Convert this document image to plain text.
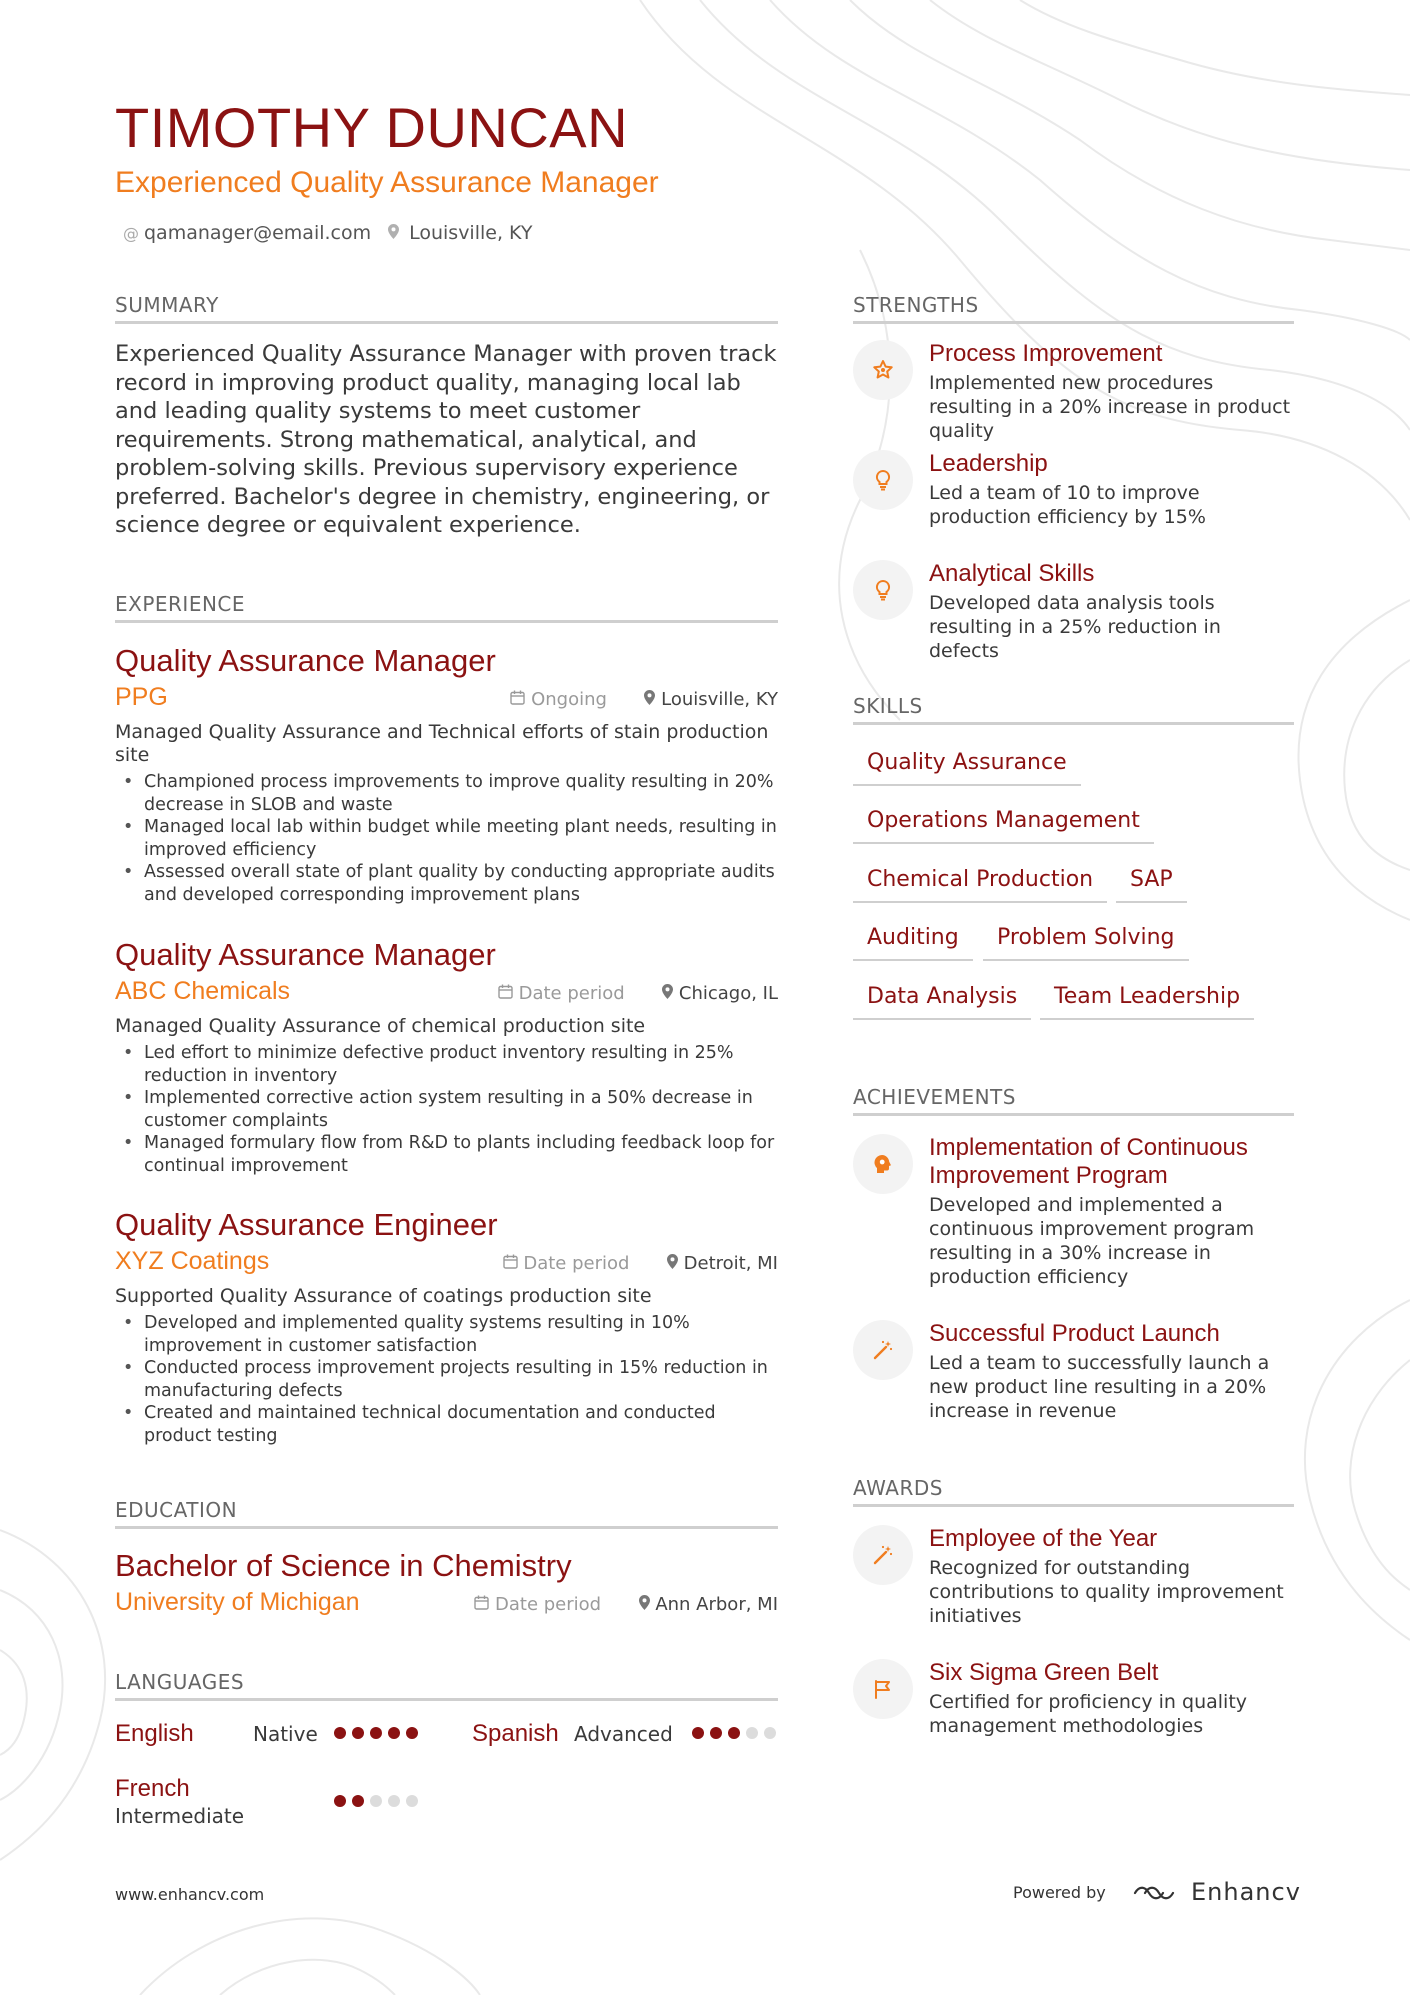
TIMOTHY DUNCAN
Experienced Quality Assurance Manager
@ qamanager@email.com	Louisville, KY
SUMMARY
Experienced Quality Assurance Manager with proven track record in improving product quality, managing local lab and leading quality systems to meet customer requirements. Strong mathematical, analytical, and problem-solving skills. Previous supervisory experience preferred. Bachelor's degree in chemistry, engineering, or science degree or equivalent experience.
EXPERIENCE
Quality Assurance Manager
PPG	Ongoing	Louisville, KY
Managed Quality Assurance and Technical efforts of stain production site
• Championed process improvements to improve quality resulting in 20% decrease in SLOB and waste
• Managed local lab within budget while meeting plant needs, resulting in improved efficiency
• Assessed overall state of plant quality by conducting appropriate audits and developed corresponding improvement plans
Quality Assurance Manager
ABC Chemicals	Date period	Chicago, IL
Managed Quality Assurance of chemical production site
• Led effort to minimize defective product inventory resulting in 25% reduction in inventory
• Implemented corrective action system resulting in a 50% decrease in customer complaints
• Managed formulary flow from R&D to plants including feedback loop for continual improvement
Quality Assurance Engineer
XYZ Coatings	Date period	Detroit, MI
Supported Quality Assurance of coatings production site
• Developed and implemented quality systems resulting in 10% improvement in customer satisfaction
• Conducted process improvement projects resulting in 15% reduction in manufacturing defects
• Created and maintained technical documentation and conducted product testing
EDUCATION
Bachelor of Science in Chemistry
University of Michigan	Date period	Ann Arbor, MI
LANGUAGES
English	Native	Spanish Advanced
French
Intermediate
STRENGTHS
Process Improvement
Implemented new procedures resulting in a 20% increase in product quality
Leadership
Led a team of 10 to improve production efficiency by 15%
Analytical Skills
Developed data analysis tools resulting in a 25% reduction in defects
SKILLS
Quality Assurance
Operations Management
Chemical Production	SAP
Auditing	Problem Solving
Data Analysis	Team Leadership
ACHIEVEMENTS
Implementation of Continuous Improvement Program
Developed and implemented a continuous improvement program resulting in a 30% increase in production efficiency
Successful Product Launch
Led a team to successfully launch a new product line resulting in a 20% increase in revenue
AWARDS
Employee of the Year
Recognized for outstanding contributions to quality improvement initiatives
Six Sigma Green Belt
Certified for proficiency in quality management methodologies
www.enhancv.com	Powered by	Enhancv
